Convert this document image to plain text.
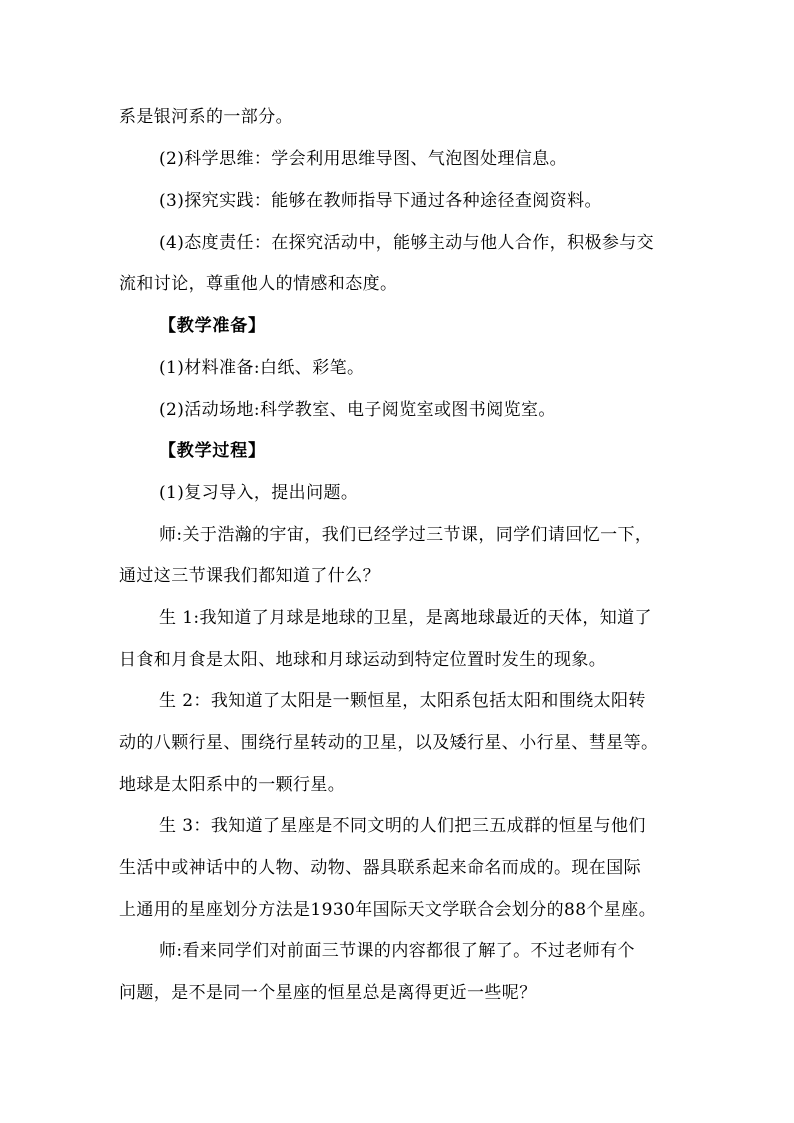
系是银河系的一部分。
(2)科学思维：学会利用思维导图、气泡图处理信息。
(3)探究实践：能够在教师指导下通过各种途径查阅资料。
(4)态度责任：在探究活动中，能够主动与他人合作，积极参与交
流和讨论，尊重他人的情感和态度。
【教学准备】
(1)材料准备:白纸、彩笔。
(2)活动场地:科学教室、电子阅览室或图书阅览室。
【教学过程】
(1)复习导入，提出问题。
师:关于浩瀚的宇宙，我们已经学过三节课，同学们请回忆一下，
通过这三节课我们都知道了什么？
生 1:我知道了月球是地球的卫星，是离地球最近的天体，知道了
日食和月食是太阳、地球和月球运动到特定位置时发生的现象。
生 2：我知道了太阳是一颗恒星，太阳系包括太阳和围绕太阳转
动的八颗行星、围绕行星转动的卫星，以及矮行星、小行星、彗星等。
地球是太阳系中的一颗行星。
生 3：我知道了星座是不同文明的人们把三五成群的恒星与他们
生活中或神话中的人物、动物、器具联系起来命名而成的。现在国际
上通用的星座划分方法是1930年国际天文学联合会划分的88个星座。
师:看来同学们对前面三节课的内容都很了解了。不过老师有个
问题，是不是同一个星座的恒星总是离得更近一些呢？
